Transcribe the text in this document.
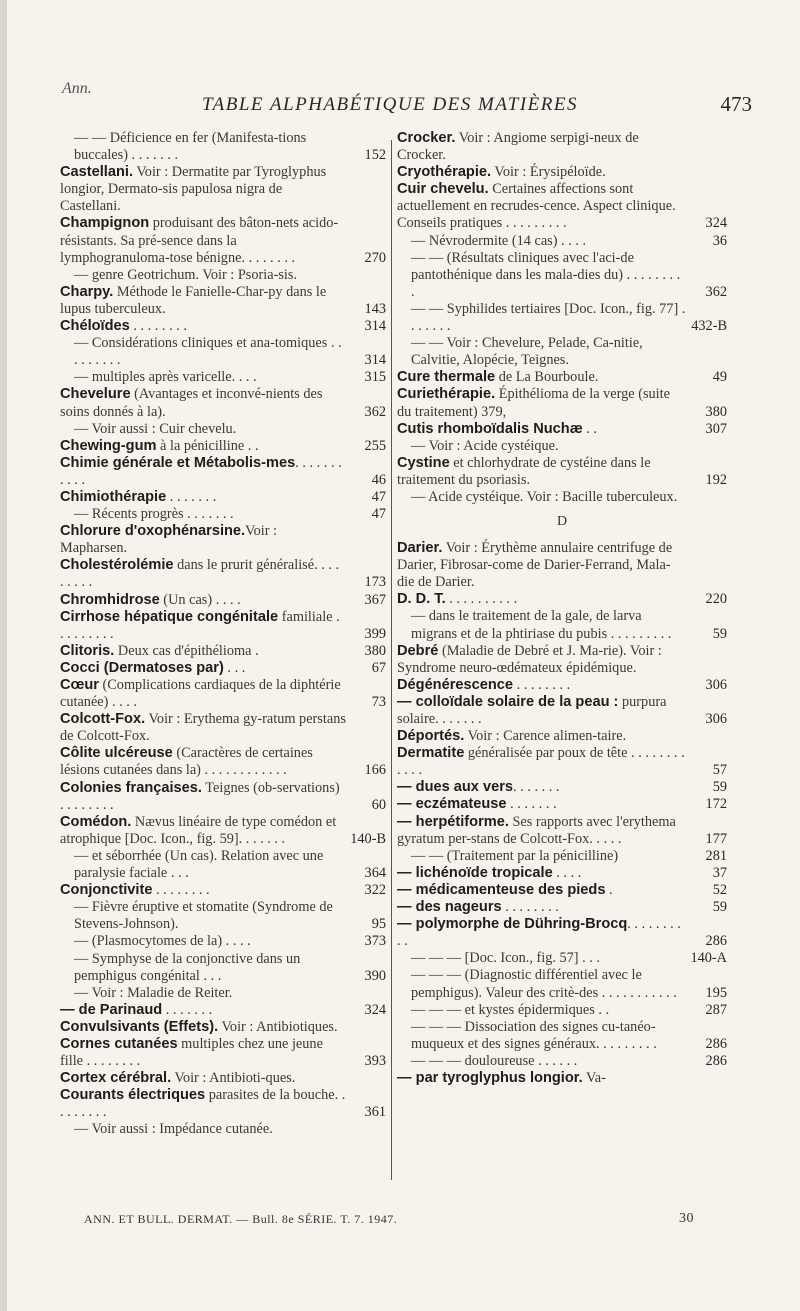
Ann.
TABLE ALPHABÉTIQUE DES MATIÈRES	473
— — Déficience en fer (Manifesta-tions buccales) . . . . . . .	152
Castellani. Voir : Dermatite par Tyroglyphus longior, Dermato-sis papulosa nigra de Castellani.
Champignon produisant des bâton-nets acido-résistants. Sa pré-sence dans la lymphogranuloma-tose bénigne. . . . . . . .	270
— genre Geotrichum. Voir : Psoria-sis.
Charpy. Méthode le Fanielle-Char-py dans le lupus tuberculeux.	143
Chéloïdes . . . . . . . .	314
— Considérations cliniques et ana-tomiques . . . . . . . . .	314
— multiples après varicelle. . . .	315
Chevelure (Avantages et inconvé-nients des soins donnés à la).	362
— Voir aussi : Cuir chevelu.
Chewing-gum à la pénicilline . .	255
Chimie générale et Métabolis-mes. . . . . . . . . . .	46
Chimiothérapie . . . . . . .	47
— Récents progrès . . . . . . .	47
Chlorure d'oxophénarsine.Voir : Mapharsen.
Cholestérolémie dans le prurit généralisé. . . . . . . . .	173
Chromhidrose (Un cas) . . . .	367
Cirrhose hépatique congénitale familiale . . . . . . . . .	399
Clitoris. Deux cas d'épithélioma .	380
Cocci (Dermatoses par) . . .	67
Cœur (Complications cardiaques de la diphtérie cutanée) . . . .	73
Colcott-Fox. Voir : Erythema gy-ratum perstans de Colcott-Fox.
Côlite ulcéreuse (Caractères de certaines lésions cutanées dans la) . . . . . . . . . . . .	166
Colonies françaises. Teignes (ob-servations) . . . . . . . .	60
Comédon. Nævus linéaire de type comédon et atrophique [Doc. Icon., fig. 59]. . . . . . .	140-B
— et séborrhée (Un cas). Relation avec une paralysie faciale . . .	364
Conjonctivite . . . . . . . .	322
— Fièvre éruptive et stomatite (Syndrome de Stevens-Johnson).	95
— (Plasmocytomes de la) . . . .	373
— Symphyse de la conjonctive dans un pemphigus congénital . . .	390
— Voir : Maladie de Reiter.
— de Parinaud . . . . . . .	324
Convulsivants (Effets). Voir : Antibiotiques.
Cornes cutanées multiples chez une jeune fille . . . . . . . .	393
Cortex cérébral. Voir : Antibioti-ques.
Courants électriques parasites de la bouche. . . . . . . . .	361
— Voir aussi : Impédance cutanée.
Crocker. Voir : Angiome serpigi-neux de Crocker.
Cryothérapie. Voir : Érysipéloïde.
Cuir chevelu. Certaines affections sont actuellement en recrudes-cence. Aspect clinique. Conseils pratiques . . . . . . . . .	324
— Névrodermite (14 cas) . . . .	36
— — (Résultats cliniques avec l'aci-de pantothénique dans les mala-dies du) . . . . . . . . .	362
— — Syphilides tertiaires [Doc. Icon., fig. 77] . . . . . . .	432-B
— — Voir : Chevelure, Pelade, Ca-nitie, Calvitie, Alopécie, Teignes.
Cure thermale de La Bourboule.	49
Curiethérapie. Épithélioma de la verge (suite du traitement) 379,	380
Cutis rhomboïdalis Nuchæ . .	307
— Voir : Acide cystéique.
Cystine et chlorhydrate de cystéine dans le traitement du psoriasis.	192
— Acide cystéique. Voir : Bacille tuberculeux.
D
Darier. Voir : Érythème annulaire centrifuge de Darier, Fibrosar-come de Darier-Ferrand, Mala-die de Darier.
D. D. T. . . . . . . . . . .	220
— dans le traitement de la gale, de larva migrans et de la phtiriase du pubis . . . . . . . . .	59
Debré (Maladie de Debré et J. Ma-rie). Voir : Syndrome neuro-œdémateux épidémique.
Dégénérescence . . . . . . . .	306
— colloïdale solaire de la peau : purpura solaire. . . . . . .	306
Déportés. Voir : Carence alimen-taire.
Dermatite généralisée par poux de tête . . . . . . . . . . . .	57
— dues aux vers. . . . . . .	59
— eczémateuse . . . . . . .	172
— herpétiforme. Ses rapports avec l'erythema gyratum per-stans de Colcott-Fox. . . . .	177
— — (Traitement par la pénicilline)	281
— lichénoïde tropicale . . . .	37
— médicamenteuse des pieds .	52
— des nageurs . . . . . . . .	59
— polymorphe de Dühring-Brocq. . . . . . . . . .	286
— — — [Doc. Icon., fig. 57] . . .	140-A
— — — (Diagnostic différentiel avec le pemphigus). Valeur des critè-des . . . . . . . . . . .	195
— — — et kystes épidermiques . .	287
— — — Dissociation des signes cu-tanéo-muqueux et des signes généraux. . . . . . . . .	286
— — — douloureuse . . . . . .	286
— par tyroglyphus longior. Va-
ANN. ET BULL. DERMAT. — Bull. 8e SÉRIE. T. 7. 1947.	30
